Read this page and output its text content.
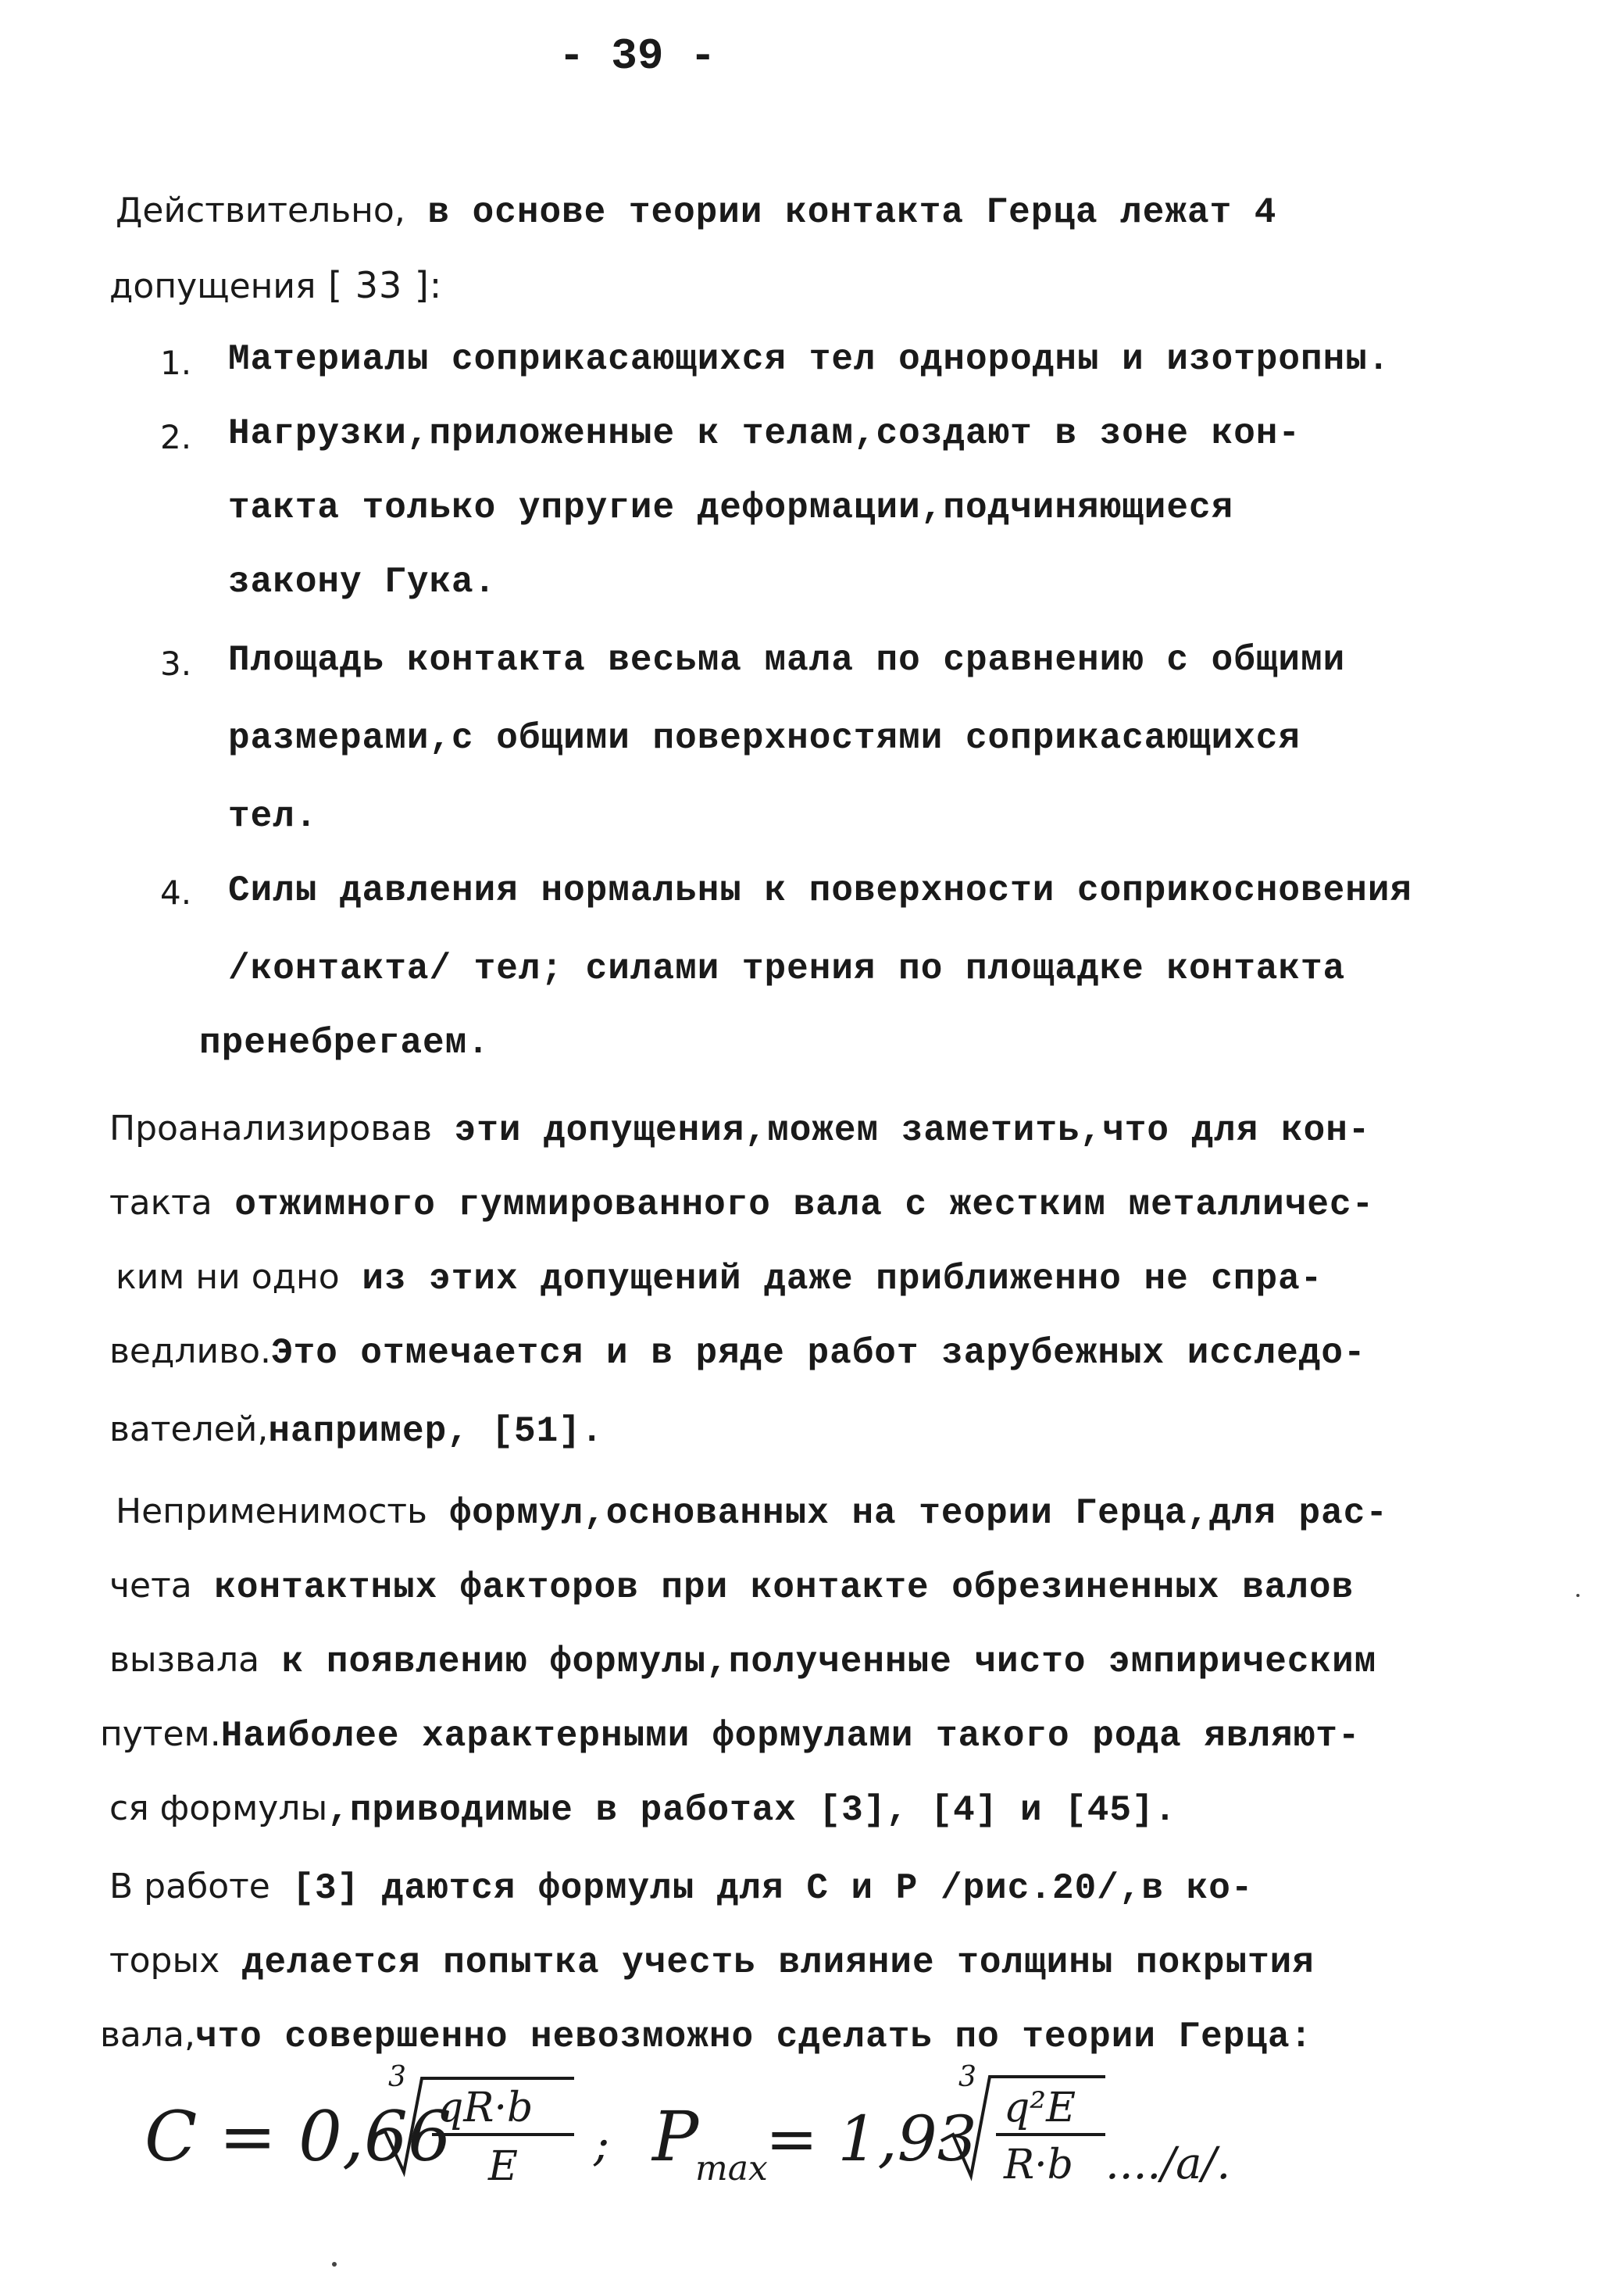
- 39 -
Действительно, в основе теории контакта Герца лежат 4
допущения [ 33 ]:
1. Материалы соприкасающихся тел однородны и изотропны.
2. Нагрузки,приложенные к телам,создают в зоне кон-
такта только упругие деформации,подчиняющиеся
закону Гука.
3. Площадь контакта весьма мала по сравнению с общими
размерами,с общими поверхностями соприкасающихся
тел.
4. Силы давления нормальны к поверхности соприкосновения
/контакта/ тел; силами трения по площадке контакта
пренебрегаем.
Проанализировав эти допущения,можем заметить,что для кон-
такта отжимного гуммированного вала с жестким металличес-
ким ни одно из этих допущений даже приближенно не спра-
ведливо.Это отмечается и в ряде работ зарубежных исследо-
вателей,например, [51].
Неприменимость формул,основанных на теории Герца,для рас-
чета контактных факторов при контакте обрезиненных валов
вызвала к появлению формулы,полученные чисто эмпирическим
путем.Наиболее характерными формулами такого рода являют-
ся формулы,приводимые в работах [3], [4] и [45].
В работе [3] даются формулы для C и P /рис.20/,в ко-
торых делается попытка учесть влияние толщины покрытия
вала,что совершенно невозможно сделать по теории Герца:
C = 0,66
3
qR·b
E ; P
max
= 1,93
3
q²E
R·b ..../a/.
